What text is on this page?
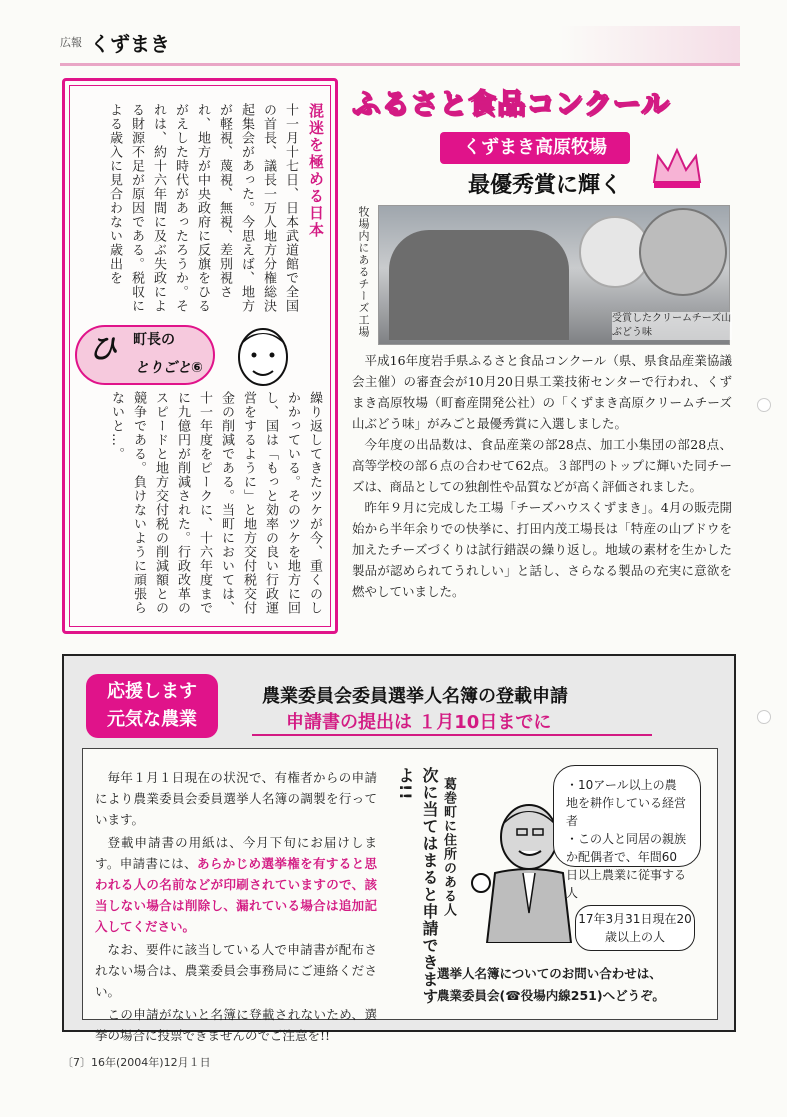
広報 くずまき
混迷を極める日本
十一月十七日、日本武道館で全国の首長、議長一万人地方分権総決起集会があった。今思えば、地方が軽視、蔑視、無視、差別視され、地方が中央政府に反旗をひるがえした時代があったろうか。それは、約十六年間に及ぶ失政による財源不足が原因である。税収による歳入に見合わない歳出を
ひ 町長の
とりごと⑥
繰り返してきたツケが今、重くのしかかっている。そのツケを地方に回し、国は「もっと効率の良い行政運営をするように」と地方交付税交付金の削減である。当町においては、十一年度をピークに、十六年度までに九億円が削減された。行政改革のスピードと地方交付税の削減額との競争である。負けないように頑張らないと…。
ふるさと食品コンクール
くずまき高原牧場
最優秀賞に輝く
牧場内にあるチーズ工場	受賞したクリームチーズ山ぶどう味

平成16年度岩手県ふるさと食品コンクール（県、県食品産業協議会主催）の審査会が10月20日県工業技術センターで行われ、くずまき高原牧場（町畜産開発公社）の「くずまき高原クリームチーズ山ぶどう味」がみごと最優秀賞に入選しました。

今年度の出品数は、食品産業の部28点、加工小集団の部28点、高等学校の部６点の合わせて62点。３部門のトップに輝いた同チーズは、商品としての独創性や品質などが高く評価されました。

昨年９月に完成した工場「チーズハウスくずまき」。4月の販売開始から半年余りでの快挙に、打田内茂工場長は「特産の山ブドウを加えたチーズづくりは試行錯誤の繰り返し。地域の素材を生かした製品が認められてうれしい」と話し、さらなる製品の充実に意欲を燃やしていました。

応援します
元気な農業
農業委員会委員選挙人名簿の登載申請
申請書の提出は １月10日までに

毎年１月１日現在の状況で、有権者からの申請により農業委員会委員選挙人名簿の調製を行っています。

登載申請書の用紙は、今月下旬にお届けします。申請書には、あらかじめ選挙権を有すると思われる人の名前などが印刷されていますので、該当しない場合は削除し、漏れている場合は追加記入してください。

なお、要件に該当している人で申請書が配布されない場合は、農業委員会事務局にご連絡ください。

この申請がないと名簿に登載されないため、選挙の場合に投票できませんのでご注意を!!

次に当てはまると申請できますよ!!	葛巻町に住所のある人	・10アール以上の農地を耕作している経営者
・この人と同居の親族か配偶者で、年間60日以上農業に従事する人
17年3月31日現在20歳以上の人
選挙人名簿についてのお問い合わせは、
農業委員会(☎役場内線251)へどうぞ。
〔7〕16年(2004年)12月１日
